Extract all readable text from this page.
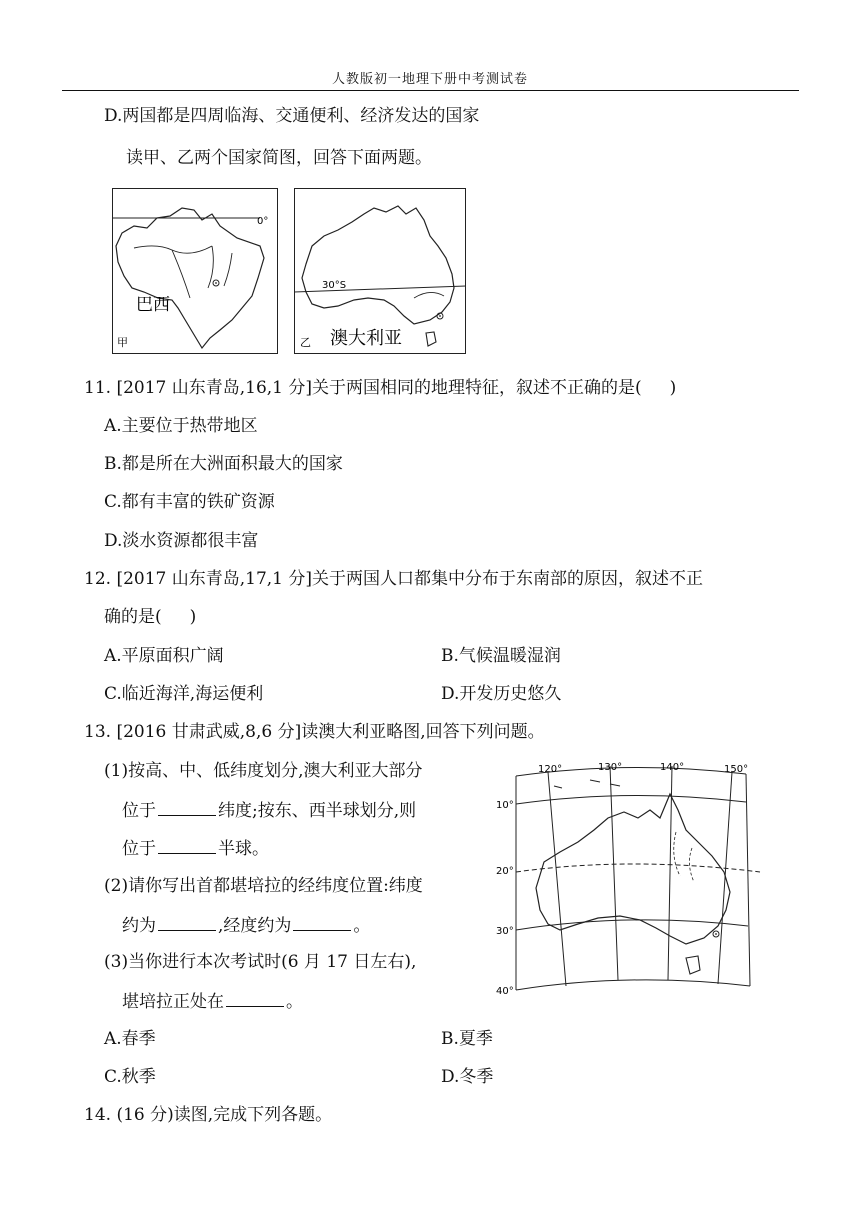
人教版初一地理下册中考测试卷
D.两国都是四周临海、交通便利、经济发达的国家
读甲、乙两个国家简图，回答下面两题。
0°
巴西
甲
30°S
澳大利亚
乙
11. [2017 山东青岛,16,1 分]关于两国相同的地理特征，叙述不正确的是( )
A.主要位于热带地区
B.都是所在大洲面积最大的国家
C.都有丰富的铁矿资源
D.淡水资源都很丰富
12. [2017 山东青岛,17,1 分]关于两国人口都集中分布于东南部的原因，叙述不正
确的是( )
A.平原面积广阔	B.气候温暖湿润
C.临近海洋,海运便利	D.开发历史悠久
13. [2016 甘肃武威,8,6 分]读澳大利亚略图,回答下列问题。
(1)按高、中、低纬度划分,澳大利亚大部分
位于	纬度;按东、西半球划分,则
位于	半球。
(2)请你写出首都堪培拉的经纬度位置:纬度
约为	,经度约为	。
(3)当你进行本次考试时(6 月 17 日左右),
堪培拉正处在	。
A.春季	B.夏季
C.秋季	D.冬季
14. (16 分)读图,完成下列各题。
120°	130°	140°	150°
10°
20°
30°
40°
